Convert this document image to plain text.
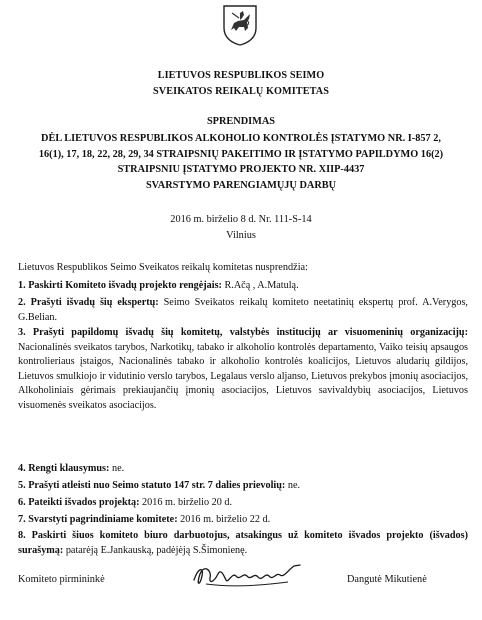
LIETUVOS RESPUBLIKOS SEIMO
SVEIKATOS REIKALŲ KOMITETAS
SPRENDIMAS
DĖL LIETUVOS RESPUBLIKOS ALKOHOLIO KONTROLĖS ĮSTATYMO NR. I-857 2,
16(1), 17, 18, 22, 28, 29, 34 STRAIPSNIŲ PAKEITIMO IR ĮSTATYMO PAPILDYMO 16(2)
STRAIPSNIU ĮSTATYMO PROJEKTO NR. XIIP-4437
SVARSTYMO PARENGIAMŲJŲ DARBŲ
2016 m. birželio 8 d. Nr. 111-S-14
Vilnius
Lietuvos Respublikos Seimo Sveikatos reikalų komitetas nusprendžia:
1. Paskirti Komiteto išvadų projekto rengėjais: R.Ačą , A.Matulą.
2. Prašyti išvadų šių ekspertų: Seimo Sveikatos reikalų komiteto neetatinių ekspertų prof. A.Verygos, G.Belian.
3. Prašyti papildomų išvadų šių komitetų, valstybės institucijų ar visuomeninių organizacijų: Nacionalinės sveikatos tarybos, Narkotikų, tabako ir alkoholio kontrolės departamento, Vaiko teisių apsaugos kontrolieriaus įstaigos, Nacionalinės tabako ir alkoholio kontrolės koalicijos, Lietuvos aludarių gildijos, Lietuvos smulkiojo ir vidutinio verslo tarybos, Legalaus verslo aljanso, Lietuvos prekybos įmonių asociacijos, Alkoholiniais gėrimais prekiaujančių įmonių asociacijos, Lietuvos savivaldybių asociacijos, Lietuvos visuomenės sveikatos asociacijos.
4. Rengti klausymus: ne.
5. Prašyti atleisti nuo Seimo statuto 147 str. 7 dalies prievolių: ne.
6. Pateikti išvados projektą: 2016 m. birželio 20 d.
7. Svarstyti pagrindiniame komitete: 2016 m. birželio 22 d.
8. Paskirti šiuos komiteto biuro darbuotojus, atsakingus už komiteto išvados projekto (išvados) surašymą: patarėją E.Jankauską, padėjėją S.Šimonienę.
Komiteto pirmininkė	Dangutė Mikutienė
